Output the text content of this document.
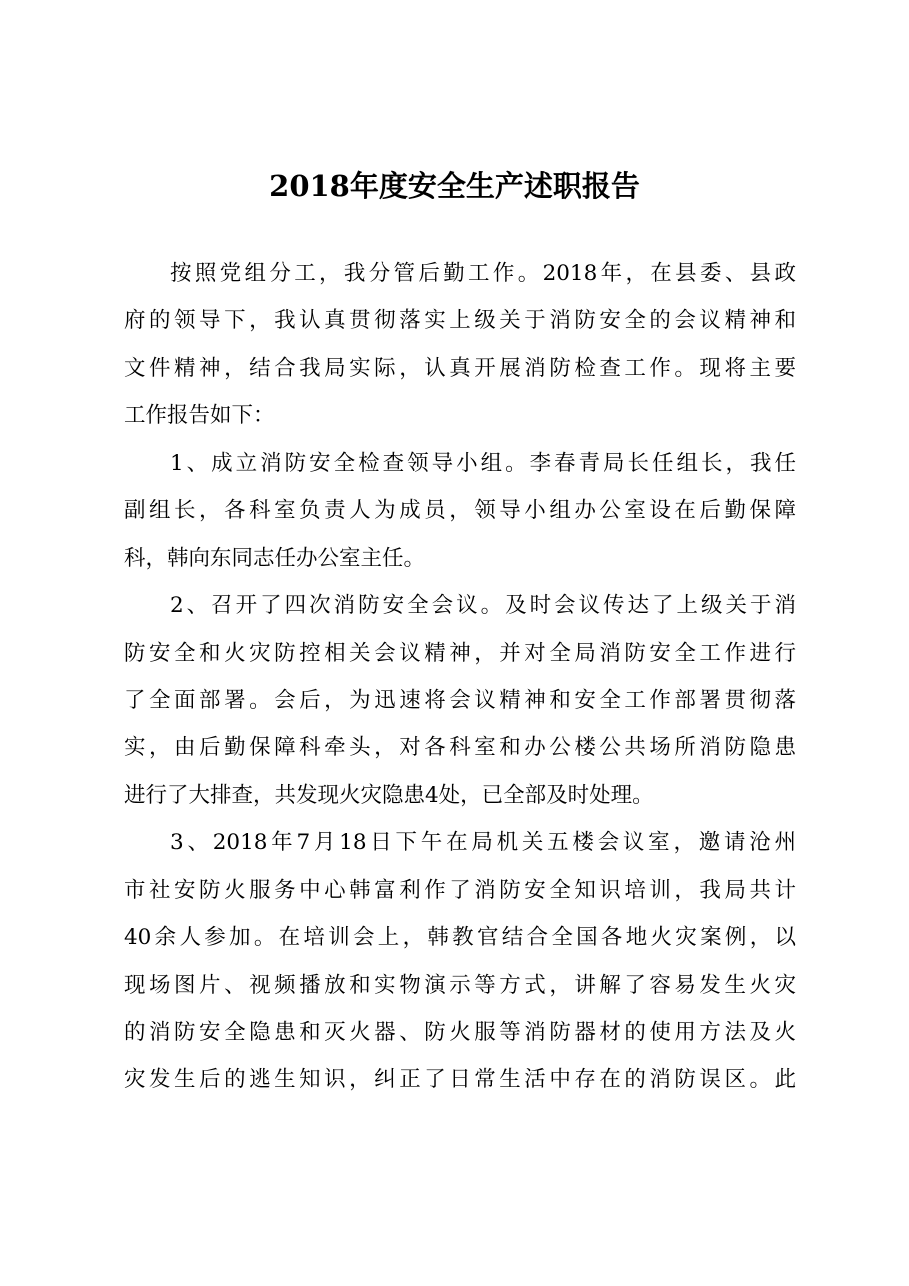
2018年度安全生产述职报告
按照党组分工，我分管后勤工作。2018年，在县委、县政
府的领导下，我认真贯彻落实上级关于消防安全的会议精神和
文件精神，结合我局实际，认真开展消防检查工作。现将主要
工作报告如下：
1、成立消防安全检查领导小组。李春青局长任组长，我任
副组长，各科室负责人为成员，领导小组办公室设在后勤保障
科，韩向东同志任办公室主任。
2、召开了四次消防安全会议。及时会议传达了上级关于消
防安全和火灾防控相关会议精神，并对全局消防安全工作进行
了全面部署。会后，为迅速将会议精神和安全工作部署贯彻落
实，由后勤保障科牵头，对各科室和办公楼公共场所消防隐患
进行了大排查，共发现火灾隐患4处，已全部及时处理。
3、2018年7月18日下午在局机关五楼会议室，邀请沧州
市社安防火服务中心韩富利作了消防安全知识培训，我局共计
40余人参加。在培训会上，韩教官结合全国各地火灾案例，以
现场图片、视频播放和实物演示等方式，讲解了容易发生火灾
的消防安全隐患和灭火器、防火服等消防器材的使用方法及火
灾发生后的逃生知识，纠正了日常生活中存在的消防误区。此
